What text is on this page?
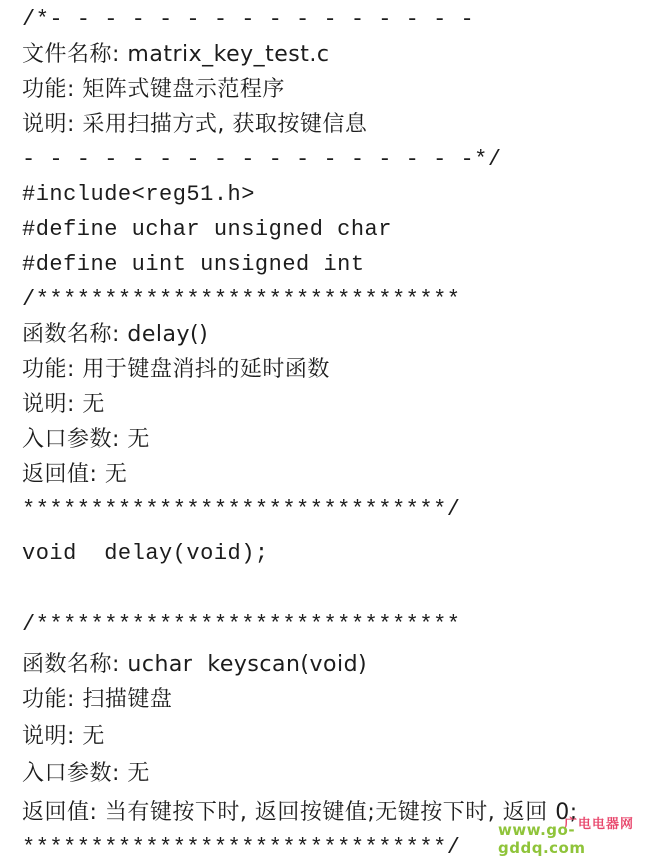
/*- - - - - - - - - - - - - - - -
文件名称: matrix_key_test.c
功能: 矩阵式键盘示范程序
说明: 采用扫描方式, 获取按键信息
- - - - - - - - - - - - - - - - -*/
#include<reg51.h>
#define uchar unsigned char
#define uint unsigned int
/*******************************
函数名称: delay()
功能: 用于键盘消抖的延时函数
说明: 无
入口参数: 无
返回值: 无
*******************************/
void  delay(void);
/*******************************
函数名称: uchar  keyscan(void)
功能: 扫描键盘
说明: 无
入口参数: 无
返回值: 当有键按下时, 返回按键值;无键按下时, 返回 0;
*******************************/
广电电器网
www.go-gddq.com
